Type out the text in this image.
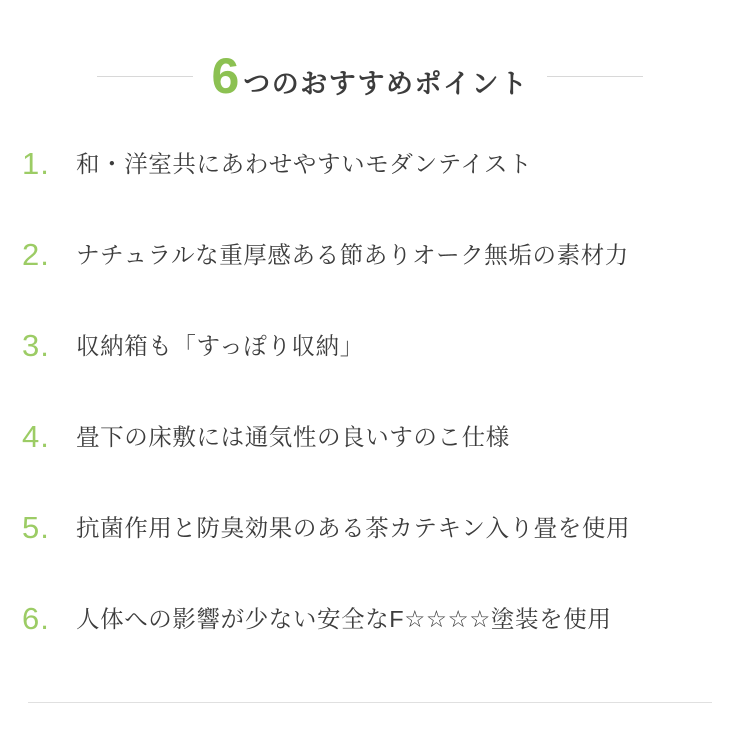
6 つのおすすめポイント
1.	和・洋室共にあわせやすいモダンテイスト
2.	ナチュラルな重厚感ある節ありオーク無垢の素材力
3.	収納箱も「すっぽり収納」
4.	畳下の床敷には通気性の良いすのこ仕様
5.	抗菌作用と防臭効果のある茶カテキン入り畳を使用
6.	人体への影響が少ない安全なF☆☆☆☆塗装を使用
